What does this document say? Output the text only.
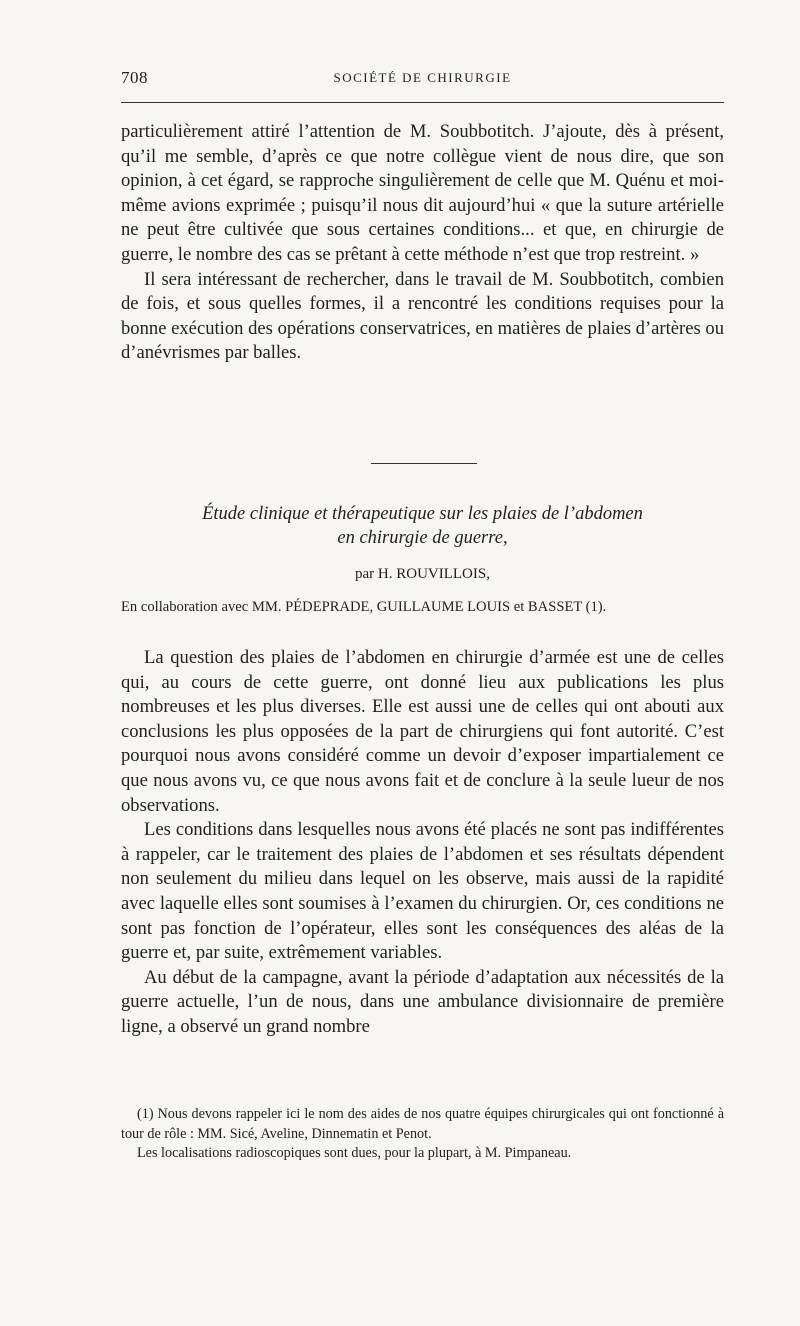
708	SOCIÉTÉ DE CHIRURGIE

particulièrement attiré l’attention de M. Soubbotitch. J’ajoute, dès à présent, qu’il me semble, d’après ce que notre collègue vient de nous dire, que son opinion, à cet égard, se rapproche singulièrement de celle que M. Quénu et moi-même avions exprimée ; puisqu’il nous dit aujourd’hui « que la suture artérielle ne peut être cultivée que sous certaines conditions... et que, en chirurgie de guerre, le nombre des cas se prêtant à cette méthode n’est que trop restreint. »

Il sera intéressant de rechercher, dans le travail de M. Soubbotitch, combien de fois, et sous quelles formes, il a rencontré les conditions requises pour la bonne exécution des opérations conservatrices, en matières de plaies d’artères ou d’anévrismes par balles.

Étude clinique et thérapeutique sur les plaies de l’abdomen
en chirurgie de guerre,
par H. ROUVILLOIS,
En collaboration avec MM. PÉDEPRADE, GUILLAUME LOUIS et BASSET (1).

La question des plaies de l’abdomen en chirurgie d’armée est une de celles qui, au cours de cette guerre, ont donné lieu aux publications les plus nombreuses et les plus diverses. Elle est aussi une de celles qui ont abouti aux conclusions les plus opposées de la part de chirurgiens qui font autorité. C’est pourquoi nous avons considéré comme un devoir d’exposer impartialement ce que nous avons vu, ce que nous avons fait et de conclure à la seule lueur de nos observations.

Les conditions dans lesquelles nous avons été placés ne sont pas indifférentes à rappeler, car le traitement des plaies de l’abdomen et ses résultats dépendent non seulement du milieu dans lequel on les observe, mais aussi de la rapidité avec laquelle elles sont soumises à l’examen du chirurgien. Or, ces conditions ne sont pas fonction de l’opérateur, elles sont les conséquences des aléas de la guerre et, par suite, extrêmement variables.

Au début de la campagne, avant la période d’adaptation aux nécessités de la guerre actuelle, l’un de nous, dans une ambulance divisionnaire de première ligne, a observé un grand nombre

(1) Nous devons rappeler ici le nom des aides de nos quatre équipes chirurgicales qui ont fonctionné à tour de rôle : MM. Sicé, Aveline, Dinnematin et Penot.

Les localisations radioscopiques sont dues, pour la plupart, à M. Pimpaneau.
